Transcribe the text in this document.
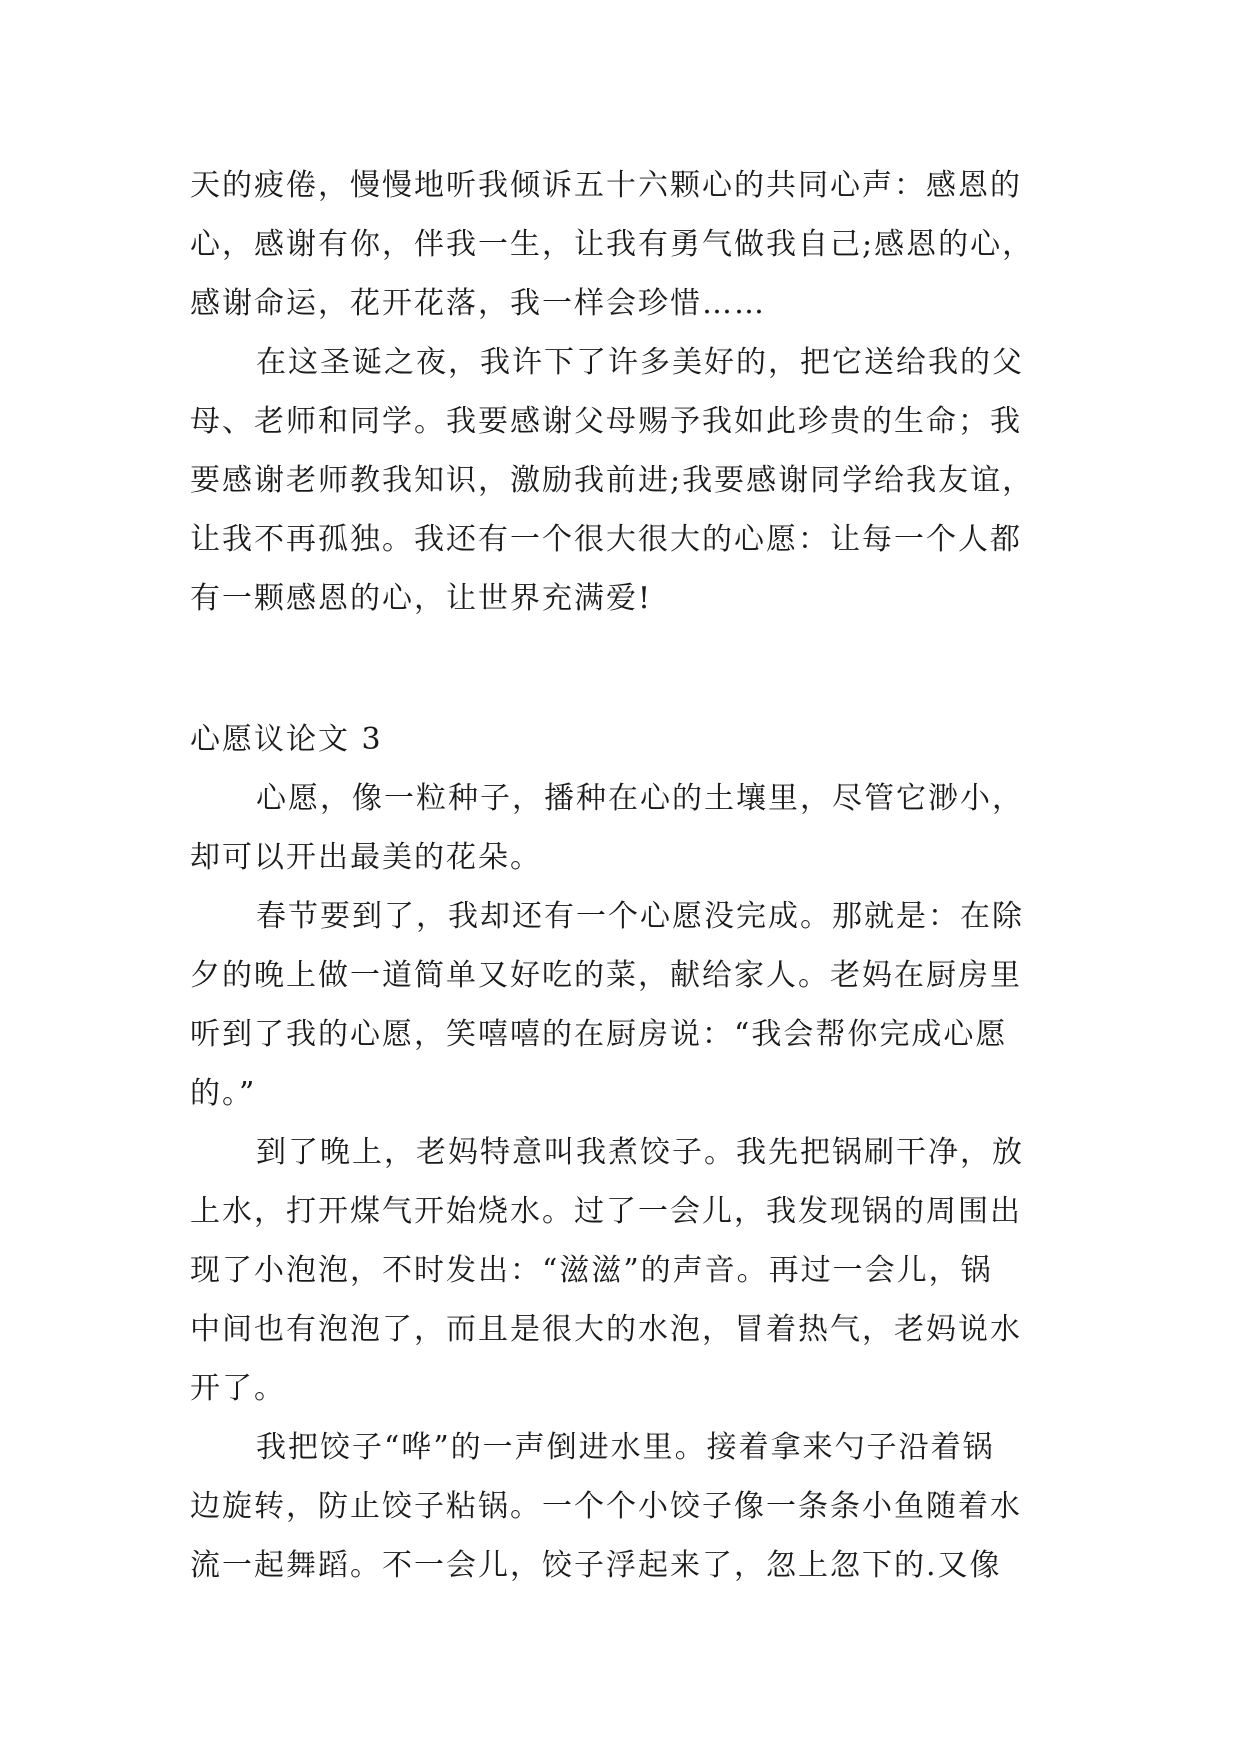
天的疲倦，慢慢地听我倾诉五十六颗心的共同心声：感恩的
心，感谢有你，伴我一生，让我有勇气做我自己;感恩的心，
感谢命运，花开花落，我一样会珍惜……
在这圣诞之夜，我许下了许多美好的，把它送给我的父
母、老师和同学。我要感谢父母赐予我如此珍贵的生命；我
要感谢老师教我知识，激励我前进;我要感谢同学给我友谊，
让我不再孤独。我还有一个很大很大的心愿：让每一个人都
有一颗感恩的心，让世界充满爱!
心愿议论文 3
心愿，像一粒种子，播种在心的土壤里，尽管它渺小，
却可以开出最美的花朵。
春节要到了，我却还有一个心愿没完成。那就是：在除
夕的晚上做一道简单又好吃的菜，献给家人。老妈在厨房里
听到了我的心愿，笑嘻嘻的在厨房说：“我会帮你完成心愿
的。”
到了晚上，老妈特意叫我煮饺子。我先把锅刷干净，放
上水，打开煤气开始烧水。过了一会儿，我发现锅的周围出
现了小泡泡，不时发出：“滋滋”的声音。再过一会儿，锅
中间也有泡泡了，而且是很大的水泡，冒着热气，老妈说水
开了。
我把饺子“哗”的一声倒进水里。接着拿来勺子沿着锅
边旋转，防止饺子粘锅。一个个小饺子像一条条小鱼随着水
流一起舞蹈。不一会儿，饺子浮起来了，忽上忽下的.又像
